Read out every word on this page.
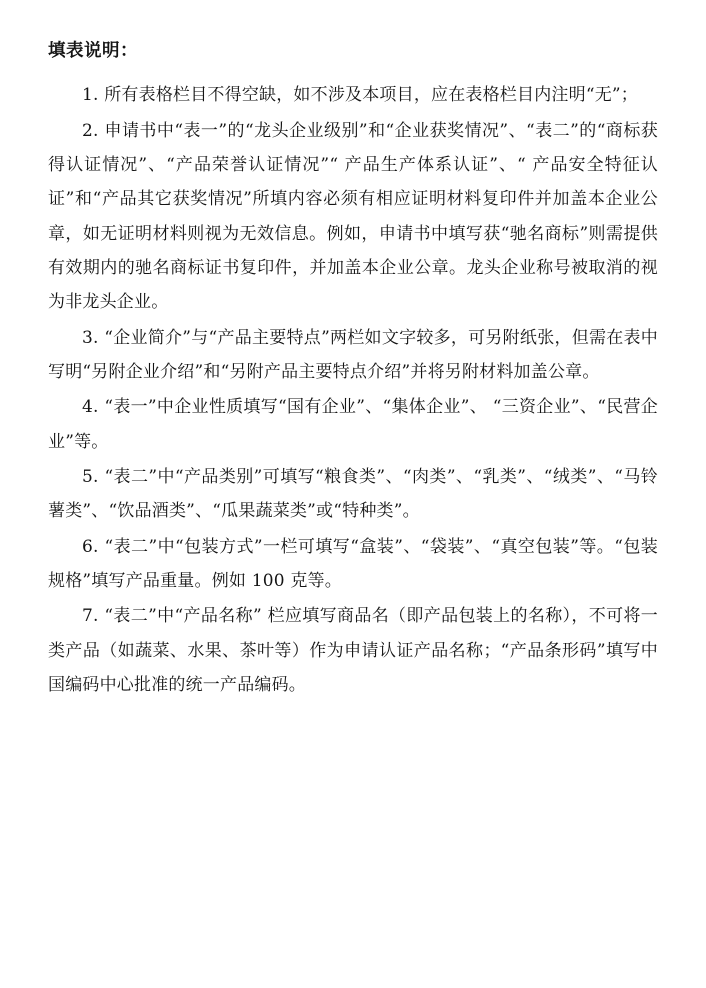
填表说明：

1. 所有表格栏目不得空缺，如不涉及本项目，应在表格栏目内注明“无”；

2. 申请书中“表一”的“龙头企业级别”和“企业获奖情况”、“表二”的“商标获得认证情况”、“产品荣誉认证情况”“ 产品生产体系认证”、“ 产品安全特征认证”和“产品其它获奖情况”所填内容必须有相应证明材料复印件并加盖本企业公章，如无证明材料则视为无效信息。例如，申请书中填写获“驰名商标”则需提供有效期内的驰名商标证书复印件，并加盖本企业公章。龙头企业称号被取消的视为非龙头企业。

3. “企业简介”与“产品主要特点”两栏如文字较多，可另附纸张，但需在表中写明“另附企业介绍”和“另附产品主要特点介绍”并将另附材料加盖公章。

4. “表一”中企业性质填写“国有企业”、“集体企业”、 “三资企业”、“民营企业”等。

5. “表二”中“产品类别”可填写“粮食类”、“肉类”、“乳类”、“绒类”、“马铃薯类”、“饮品酒类”、“瓜果蔬菜类”或“特种类”。

6. “表二”中“包装方式”一栏可填写“盒装”、“袋装”、“真空包装”等。“包装规格”填写产品重量。例如 100 克等。

7. “表二”中“产品名称” 栏应填写商品名（即产品包装上的名称），不可将一类产品（如蔬菜、水果、茶叶等）作为申请认证产品名称；“产品条形码”填写中国编码中心批准的统一产品编码。
